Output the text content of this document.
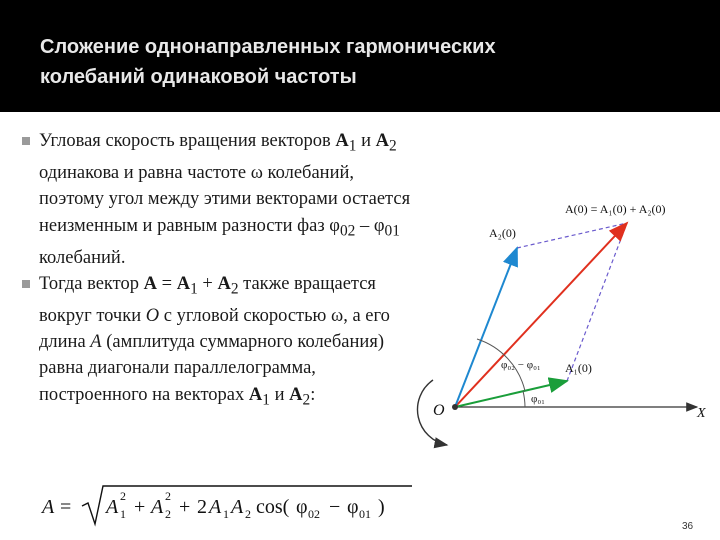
Сложение однонаправленных гармонических
колебаний одинаковой частоты
Угловая скорость вращения векторов $A_1$ и $A_2$ одинакова и равна частоте ω колебаний, поэтому угол между этими векторами остается неизменным и равным разности фаз $\varphi_{02} - \varphi_{01}$ колебаний.
Тогда вектор $A = A_1 + A_2$ также вращается вокруг точки O с угловой скоростью ω, а его длина A (амплитуда суммарного колебания) равна диагонали параллелограмма, построенного на векторах $A_1$ и $A_2$:
A = A 1
2 + A 2
2 + 2 A 1 A 2 cos( φ 02 − φ 01 )
O	X
A(0) = A₁(0) + A₂(0)
A₂(0)
A₁(0)
φ₀₂ − φ₀₁
φ₀₁
36
